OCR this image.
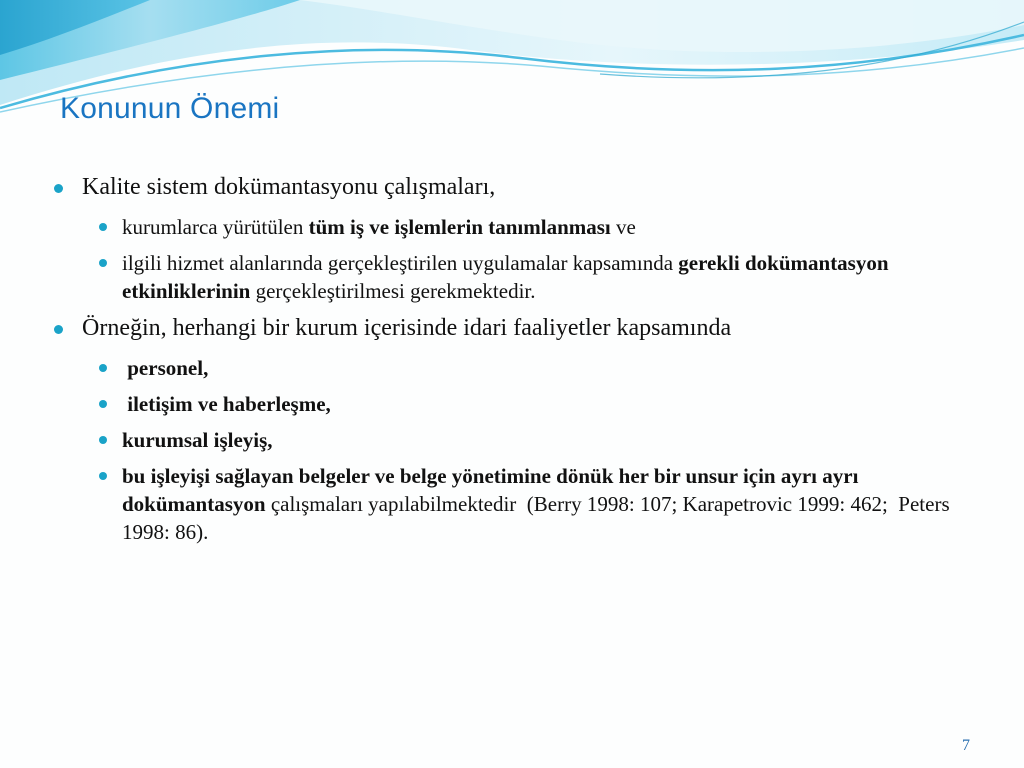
Konunun Önemi
Kalite sistem dokümantasyonu çalışmaları,
kurumlarca yürütülen tüm iş ve işlemlerin tanımlanması ve
ilgili hizmet alanlarında gerçekleştirilen uygulamalar kapsamında gerekli dokümantasyon etkinliklerinin gerçekleştirilmesi gerekmektedir.
Örneğin, herhangi bir kurum içerisinde idari faaliyetler kapsamında
personel,
iletişim ve haberleşme,
kurumsal işleyiş,
bu işleyişi sağlayan belgeler ve belge yönetimine dönük her bir unsur için ayrı ayrı dokümantasyon çalışmaları yapılabilmektedir  (Berry 1998: 107; Karapetrovic 1999: 462;  Peters 1998: 86).
7
